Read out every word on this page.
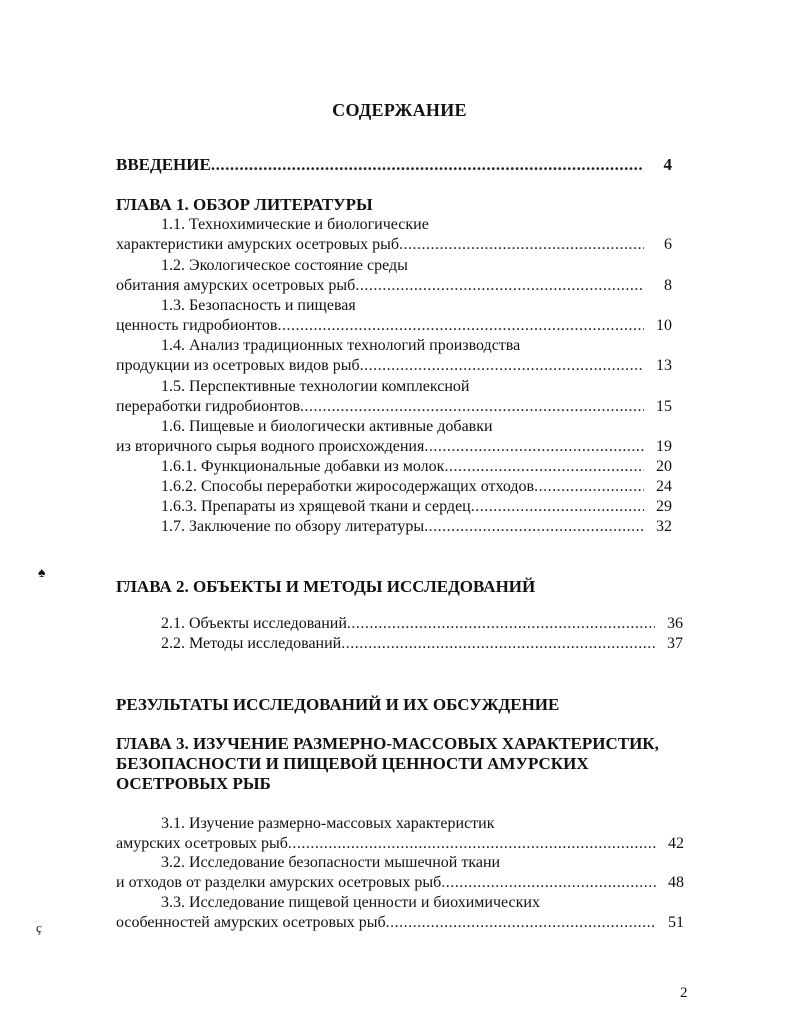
СОДЕРЖАНИЕ
ВВЕДЕНИЕ .....	4
ГЛАВА 1. ОБЗОР ЛИТЕРАТУРЫ
1.1. Технохимические и биологические
характеристики амурских осетровых рыб .....	6
1.2. Экологическое состояние среды
обитания амурских осетровых рыб .....	8
1.3. Безопасность и пищевая
ценность гидробионтов .....	10
1.4. Анализ традиционных технологий производства
продукции из осетровых видов рыб .....	13
1.5. Перспективные технологии комплексной
переработки гидробионтов .....	15
1.6. Пищевые и биологически активные добавки
из вторичного сырья водного происхождения .....	19
1.6.1. Функциональные добавки из молок .....	20
1.6.2. Способы переработки жиросодержащих отходов .....	24
1.6.3. Препараты из хрящевой ткани и сердец .....	29
1.7. Заключение по обзору литературы .....	32
ГЛАВА 2. ОБЪЕКТЫ И МЕТОДЫ ИССЛЕДОВАНИЙ
2.1. Объекты исследований .....	36
2.2. Методы исследований .....	37
РЕЗУЛЬТАТЫ ИССЛЕДОВАНИЙ И ИХ ОБСУЖДЕНИЕ
ГЛАВА 3. ИЗУЧЕНИЕ РАЗМЕРНО-МАССОВЫХ ХАРАКТЕРИСТИК,
БЕЗОПАСНОСТИ И ПИЩЕВОЙ ЦЕННОСТИ АМУРСКИХ
ОСЕТРОВЫХ РЫБ
3.1. Изучение размерно-массовых характеристик
амурских осетровых рыб .....	42
3.2. Исследование безопасности мышечной ткани
и отходов от разделки амурских осетровых рыб .....	48
3.3. Исследование пищевой ценности и биохимических
особенностей амурских осетровых рыб .....	51
2
♠
ç
